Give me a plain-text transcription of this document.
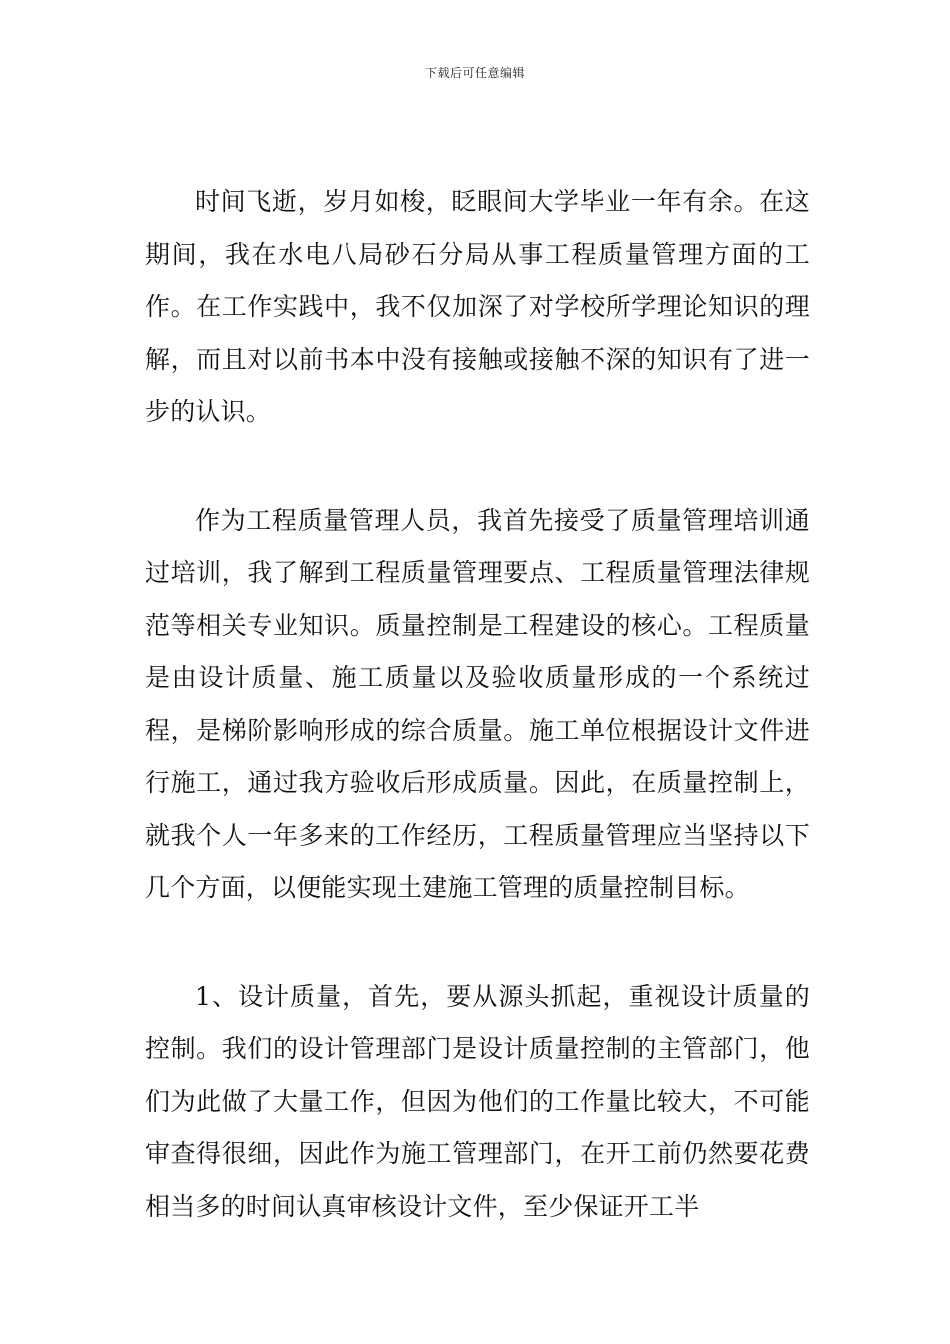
下载后可任意编辑

时间飞逝，岁月如梭，眨眼间大学毕业一年有余。在这期间，我在水电八局砂石分局从事工程质量管理方面的工作。在工作实践中，我不仅加深了对学校所学理论知识的理解，而且对以前书本中没有接触或接触不深的知识有了进一步的认识。

作为工程质量管理人员，我首先接受了质量管理培训通过培训，我了解到工程质量管理要点、工程质量管理法律规范等相关专业知识。质量控制是工程建设的核心。工程质量是由设计质量、施工质量以及验收质量形成的一个系统过程，是梯阶影响形成的综合质量。施工单位根据设计文件进行施工，通过我方验收后形成质量。因此，在质量控制上，就我个人一年多来的工作经历，工程质量管理应当坚持以下几个方面，以便能实现土建施工管理的质量控制目标。

1、设计质量，首先，要从源头抓起，重视设计质量的控制。我们的设计管理部门是设计质量控制的主管部门，他们为此做了大量工作，但因为他们的工作量比较大，不可能审查得很细，因此作为施工管理部门，在开工前仍然要花费相当多的时间认真审核设计文件，至少保证开工半
